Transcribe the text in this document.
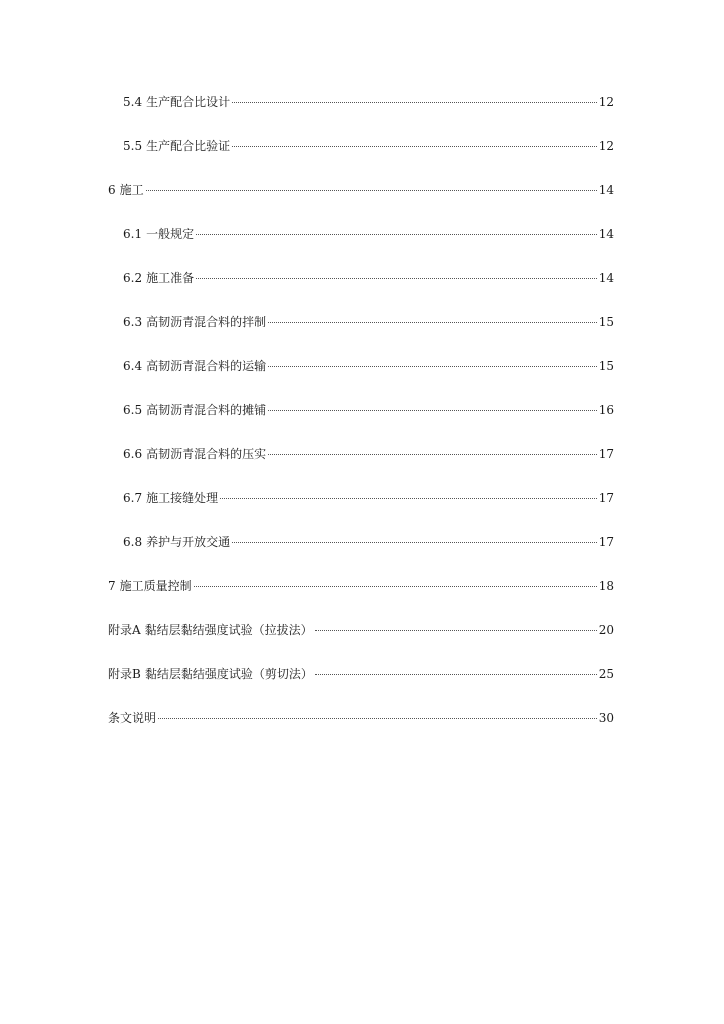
5.4 生产配合比设计	12
5.5 生产配合比验证	12
6 施工	14
6.1 一般规定	14
6.2 施工准备	14
6.3 高韧沥青混合料的拌制	15
6.4 高韧沥青混合料的运输	15
6.5 高韧沥青混合料的摊铺	16
6.6 高韧沥青混合料的压实	17
6.7 施工接缝处理	17
6.8 养护与开放交通	17
7 施工质量控制	18
附录A 黏结层黏结强度试验（拉拔法）	20
附录B 黏结层黏结强度试验（剪切法）	25
条文说明	30
